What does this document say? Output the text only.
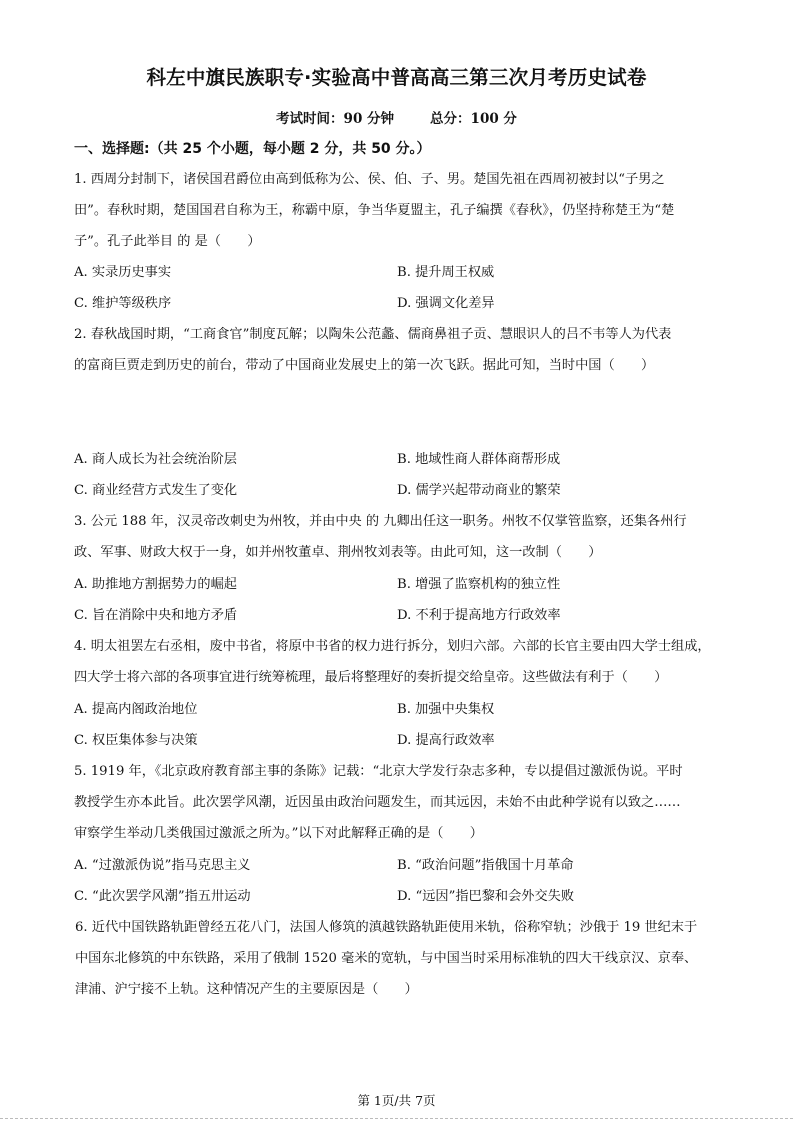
科左中旗民族职专·实验高中普高高三第三次月考历史试卷
考试时间：90 分钟	总分：100 分
一、选择题:（共 25 个小题，每小题 2 分，共 50 分。）
1. 西周分封制下，诸侯国君爵位由高到低称为公、侯、伯、子、男。楚国先祖在西周初被封以“子男之
田”。春秋时期，楚国国君自称为王，称霸中原，争当华夏盟主，孔子编撰《春秋》，仍坚持称楚王为“楚
子”。孔子此举目 的 是（　　）
A. 实录历史事实	B. 提升周王权威
C. 维护等级秩序	D. 强调文化差异
2. 春秋战国时期，“工商食官”制度瓦解；以陶朱公范蠡、儒商鼻祖子贡、慧眼识人的吕不韦等人为代表
的富商巨贾走到历史的前台，带动了中国商业发展史上的第一次飞跃。据此可知，当时中国（　　）
A. 商人成长为社会统治阶层	B. 地域性商人群体商帮形成
C. 商业经营方式发生了变化	D. 儒学兴起带动商业的繁荣
3. 公元 188 年，汉灵帝改刺史为州牧，并由中央 的 九卿出任这一职务。州牧不仅掌管监察，还集各州行
政、军事、财政大权于一身，如并州牧董卓、荆州牧刘表等。由此可知，这一改制（　　）
A. 助推地方割据势力的崛起	B. 增强了监察机构的独立性
C. 旨在消除中央和地方矛盾	D. 不利于提高地方行政效率
4. 明太祖罢左右丞相，废中书省，将原中书省的权力进行拆分，划归六部。六部的长官主要由四大学士组成，
四大学士将六部的各项事宜进行统筹梳理，最后将整理好的奏折提交给皇帝。这些做法有利于（　　）
A. 提高内阁政治地位	B. 加强中央集权
C. 权臣集体参与决策	D. 提高行政效率
5. 1919 年，《北京政府教育部主事的条陈》记载：“北京大学发行杂志多种，专以提倡过激派伪说。平时
教授学生亦本此旨。此次罢学风潮，近因虽由政治问题发生，而其远因，未始不由此种学说有以致之……
审察学生举动几类俄国过激派之所为。”以下对此解释正确的是（　　）
A. “过激派伪说”指马克思主义	B. “政治问题”指俄国十月革命
C. “此次罢学风潮”指五卅运动	D. “远因”指巴黎和会外交失败
6. 近代中国铁路轨距曾经五花八门，法国人修筑的滇越铁路轨距使用米轨，俗称窄轨；沙俄于 19 世纪末于
中国东北修筑的中东铁路，采用了俄制 1520 毫米的宽轨，与中国当时采用标准轨的四大干线京汉、京奉、
津浦、沪宁接不上轨。这种情况产生的主要原因是（　　）
第 1页/共 7页
